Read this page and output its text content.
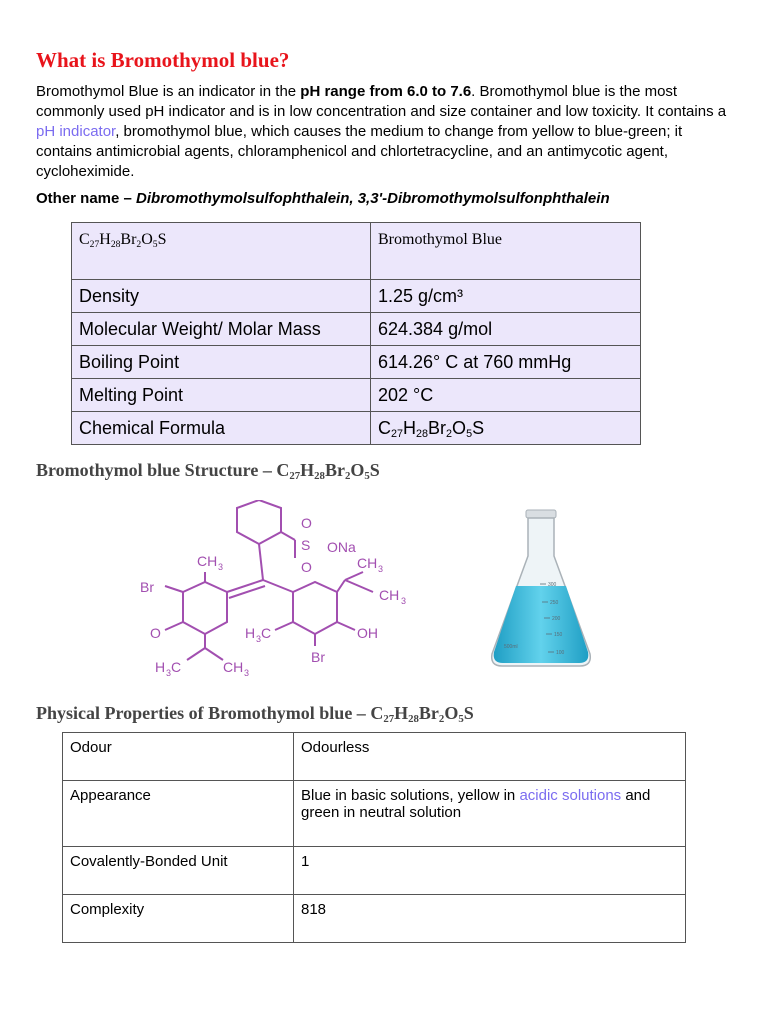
What is Bromothymol blue?

Bromothymol Blue is an indicator in the pH range from 6.0 to 7.6. Bromothymol blue is the most commonly used pH indicator and is in low concentration and size container and low toxicity. It contains a pH indicator, bromothymol blue, which causes the medium to change from yellow to blue-green; it contains antimicrobial agents, chloramphenicol and chlortetracycline, and an antimycotic agent, cycloheximide.

Other name – Dibromothymolsulfophthalein, 3,3'-Dibromothymolsulfonphthalein

$C_{27}H_{28}Br_2O_5S$	Bromothymol Blue
Density	1.25 g/cm³
Molecular Weight/ Molar Mass	624.384 g/mol
Boiling Point	614.26° C at 760 mmHg
Melting Point	202 °C
Chemical Formula	$C_{27}H_{28}Br_2O_5S$
Bromothymol blue Structure – $C_{27}H_{28}Br_2O_5S$
O
S
O
ONa
CH 3	CH 3
CH 3
Br
O	H 3 C	OH
Br
H 3 C	CH 3
300
250
200
150
100
500ml
Physical Properties of Bromothymol blue – $C_{27}H_{28}Br_2O_5S$
Odour	Odourless
Appearance	Blue in basic solutions, yellow in acidic solutions and green in neutral solution
Covalently-Bonded Unit	1
Complexity	818
